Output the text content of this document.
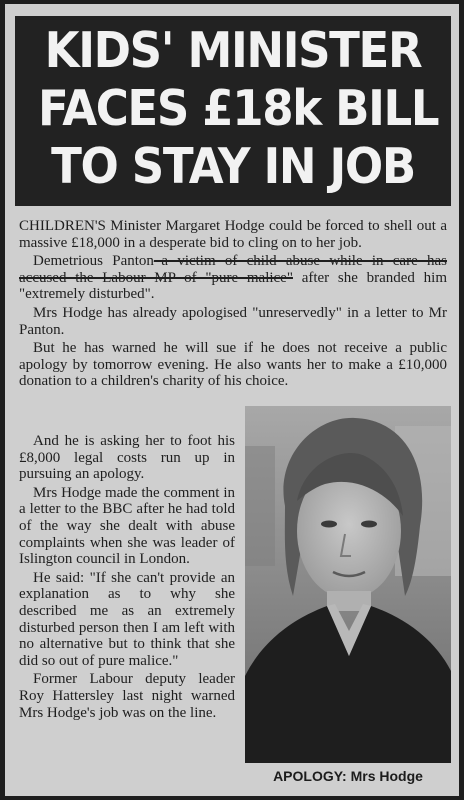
KIDS' MINISTER
FACES £18k BILL
TO STAY IN JOB

CHILDREN'S Minister Margaret Hodge could be forced to shell out a massive £18,000 in a desperate bid to cling on to her job.

Demetrious Panton–a victim of child abuse while in care has accused the Labour MP of "pure malice" after she branded him "extremely disturbed".

Mrs Hodge has already apologised "unreservedly" in a letter to Mr Panton.

But he has warned he will sue if he does not receive a public apology by tomorrow evening. He also wants her to make a £10,000 donation to a children's charity of his choice.

And he is asking her to foot his £8,000 legal costs run up in pursuing an apology.

Mrs Hodge made the comment in a letter to the BBC after he had told of the way she dealt with abuse complaints when she was leader of Islington council in London.

He said: "If she can't provide an explanation as to why she described me as an extremely disturbed person then I am left with no alternative but to think that she did so out of pure malice."

Former Labour deputy leader Roy Hattersley last night warned Mrs Hodge's job was on the line.

APOLOGY: Mrs Hodge
